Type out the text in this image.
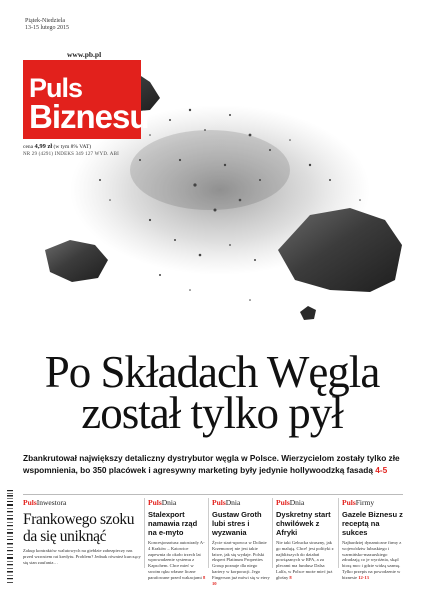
Piątek-Niedziela
13-15 lutego 2015
www.pb.pl
Puls
Biznesu
cena 4,99 zł (w tym 8% VAT)
NR 29 (4291) INDEKS 349 127 WYD. ABI
Po Składach Węgla
został tylko pył

Zbankrutował największy detaliczny dystrybutor węgla w Polsce. Wierzycielom zostały tylko złe wspomnienia, bo 350 placówek i agresywny marketing były jedynie hollywoodzką fasadą 4-5

PulsInwestora
Frankowego szoku da się uniknąć
Zakup kontraktów walutowych na giełdzie zabezpieczy nas przed wzrostem rat kredytu. Problem? Jednak również kurczący się stan zaufania…
PulsDnia
Stalexport namawia rząd na e-myto
Koncesjonariusz autostrady A-4 Kraków – Katowice zapewnia do około trzech lat wprowadzenie systemu z Kapschem. Chce mieć w swoim ręku własne liczne parafowane przed wakacjami 8
PulsDnia
Gustaw Groth lubi stres i wyzwania
Życie start-upowca w Dolinie Krzemowej nie jest takie łatwe, jak się wydaje. Polski ekspert Platinum Properties Group poznaje dla niego kariery w korporacji. Jego Fingerson już mówi się w etery 10
PulsDnia
Dyskretny start chwilówek z Afryki
Nie taki Gebucka straszny, jak go malują. Chce! jest polityki z najbliższych do działań powiązanych w RPA, a za plecami ma fundusz Dalsa Lalfa, w Polsce może mieć już głośny 8
PulsFirmy
Gazele Biznesu z receptą na sukces
Najbardziej dynamiczne firmy z województw lubuskiego i warmińsko-mazurskiego zdradzają co je wyróżnia, skąd biorą moc i gdzie widzą szansę. Tylko przepis na powodzenie w biznesie 12-13
